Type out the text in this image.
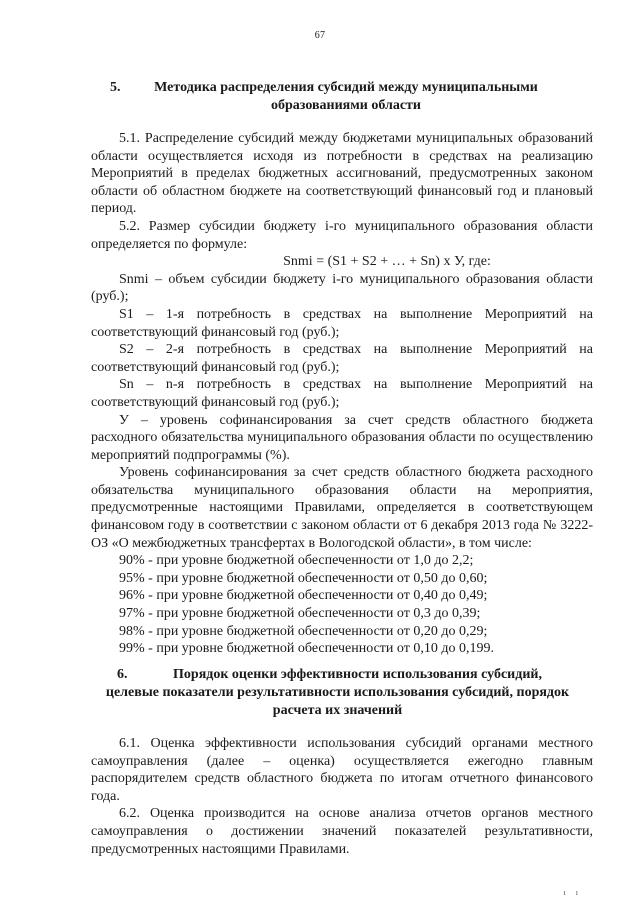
67
5.	Методика распределения субсидий между муниципальными
образованиями области

5.1. Распределение субсидий между бюджетами муниципальных образований области осуществляется исходя из потребности в средствах на реализацию Мероприятий в пределах бюджетных ассигнований, предусмотренных законом области об областном бюджете на соответствующий финансовый год и плановый период.

5.2. Размер субсидии бюджету i-го муниципального образования области определяется по формуле:

Snmi = (S1 + S2 + … + Sn) х У, где:

Snmi – объем субсидии бюджету i-го муниципального образования области (руб.);

S1 – 1-я потребность в средствах на выполнение Мероприятий на соответствующий финансовый год (руб.);

S2 – 2-я потребность в средствах на выполнение Мероприятий на соответствующий финансовый год (руб.);

Sn – n-я потребность в средствах на выполнение Мероприятий на соответствующий финансовый год (руб.);

У – уровень софинансирования за счет средств областного бюджета расходного обязательства муниципального образования области по осуществлению мероприятий подпрограммы (%).

Уровень софинансирования за счет средств областного бюджета расходного обязательства муниципального образования области на мероприятия, предусмотренные настоящими Правилами, определяется в соответствующем финансовом году в соответствии с законом области от 6 декабря 2013 года № 3222-ОЗ «О межбюджетных трансфертах в Вологодской области», в том числе:

90% - при уровне бюджетной обеспеченности от 1,0 до 2,2;

95% - при уровне бюджетной обеспеченности от 0,50 до 0,60;

96% - при уровне бюджетной обеспеченности от 0,40 до 0,49;

97% - при уровне бюджетной обеспеченности от 0,3 до 0,39;

98% - при уровне бюджетной обеспеченности от 0,20 до 0,29;

99% - при уровне бюджетной обеспеченности от 0,10 до 0,199.

6.	Порядок оценки эффективности использования субсидий,
целевые показатели результативности использования субсидий, порядок
расчета их значений

6.1. Оценка эффективности использования субсидий органами местного самоуправления (далее – оценка) осуществляется ежегодно главным распорядителем средств областного бюджета по итогам отчетного финансового года.

6.2. Оценка производится на основе анализа отчетов органов местного самоуправления о достижении значений показателей результативности, предусмотренных настоящими Правилами.

ı ı
